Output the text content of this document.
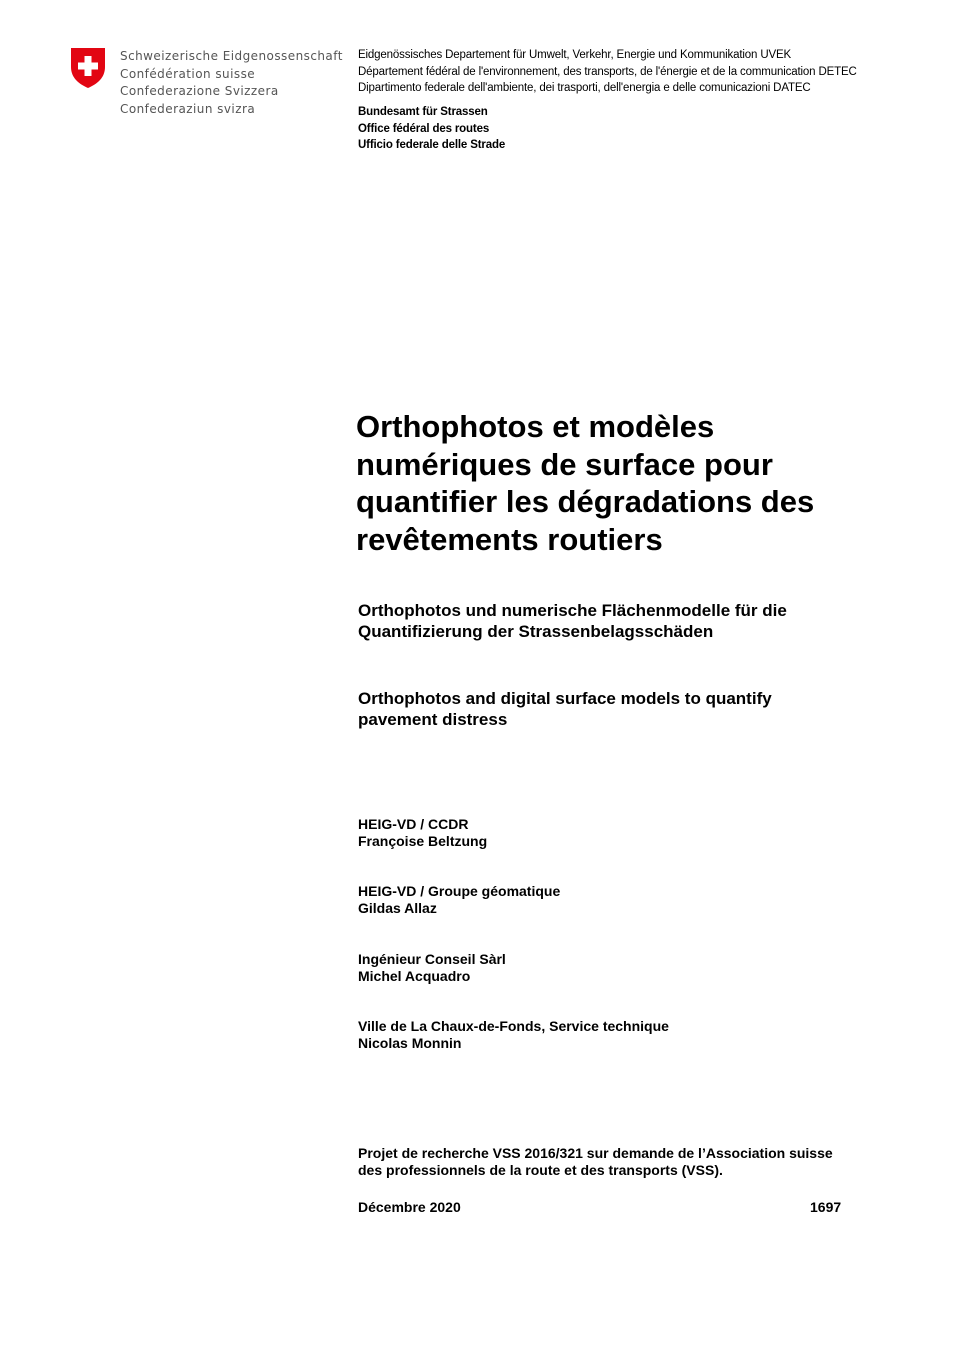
Schweizerische Eidgenossenschaft
Confédération suisse
Confederazione Svizzera
Confederaziun svizra
Eidgenössisches Departement für Umwelt, Verkehr, Energie und Kommunikation UVEK
Département fédéral de l'environnement, des transports, de l'énergie et de la communication DETEC
Dipartimento federale dell'ambiente, dei trasporti, dell'energia e delle comunicazioni DATEC
Bundesamt für Strassen
Office fédéral des routes
Ufficio federale delle Strade
Orthophotos et modèles
numériques de surface pour
quantifier les dégradations des
revêtements routiers
Orthophotos und numerische Flächenmodelle für die
Quantifizierung der Strassenbelagsschäden
Orthophotos and digital surface models to quantify
pavement distress
HEIG-VD / CCDR
Françoise Beltzung
HEIG-VD / Groupe géomatique
Gildas Allaz
Ingénieur Conseil Sàrl
Michel Acquadro
Ville de La Chaux-de-Fonds, Service technique
Nicolas Monnin
Projet de recherche VSS 2016/321 sur demande de l’Association suisse
des professionnels de la route et des transports (VSS).
Décembre 2020	1697
